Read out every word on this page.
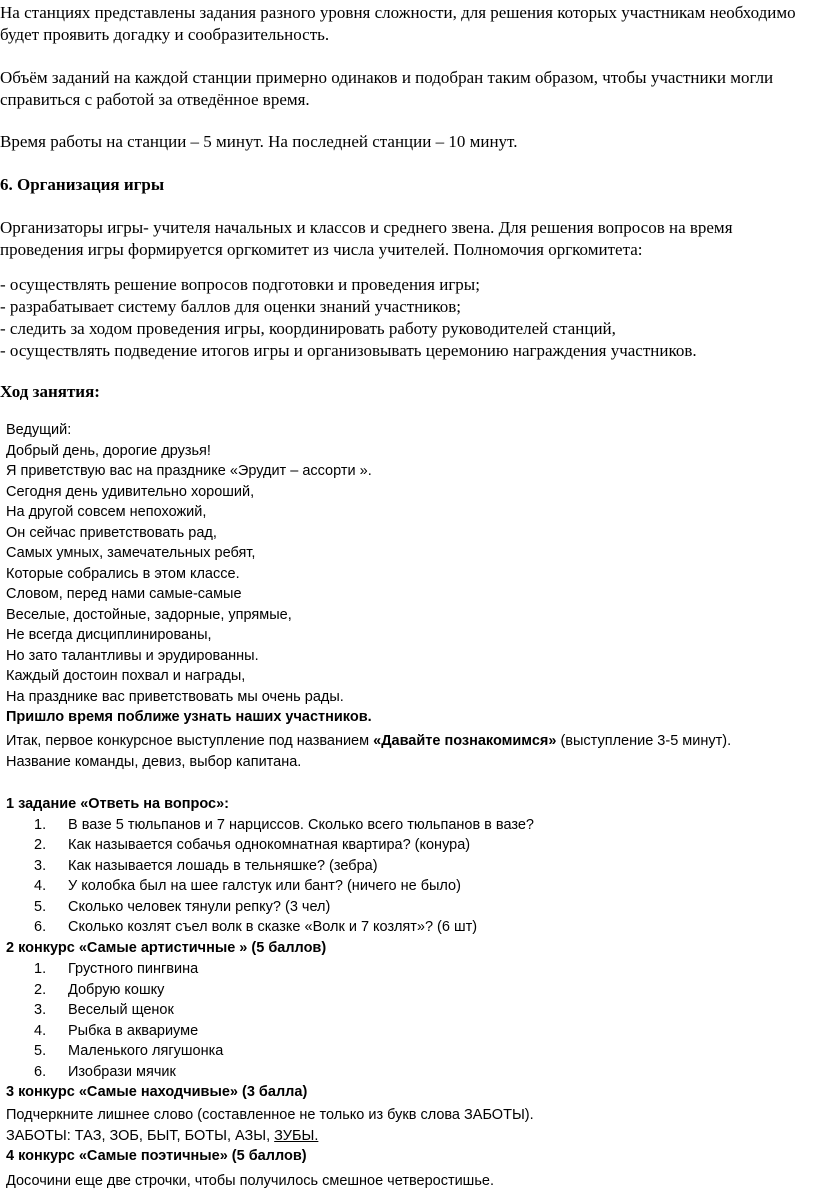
На станциях представлены задания разного уровня сложности, для решения которых участникам необходимо будет проявить догадку и сообразительность.
Объём заданий на каждой станции примерно одинаков и подобран таким образом, чтобы участники могли справиться с работой за отведённое время.
Время работы на станции – 5 минут. На последней станции – 10 минут.
6. Организация игры
Организаторы игры- учителя начальных и классов и среднего звена. Для решения вопросов на время проведения игры формируется оргкомитет из числа учителей. Полномочия оргкомитета:
- осуществлять решение вопросов подготовки и проведения игры;
- разрабатывает систему баллов для оценки знаний участников;
- следить за ходом проведения игры, координировать работу руководителей станций,
- осуществлять подведение итогов игры и организовывать церемонию награждения участников.
Ход занятия:
Ведущий:
Добрый день, дорогие друзья!
Я приветствую вас на празднике «Эрудит – ассорти ».
Сегодня день удивительно хороший,
На другой совсем непохожий,
Он сейчас приветствовать рад,
Самых умных, замечательных ребят,
Которые собрались в этом классе.
Словом, перед нами самые-самые
Веселые, достойные, задорные, упрямые,
Не всегда дисциплинированы,
Но зато талантливы и эрудированны.
Каждый достоин похвал и награды,
На празднике вас приветствовать мы очень рады.
Пришло время поближе узнать наших участников.
Итак, первое конкурсное выступление под названием «Давайте познакомимся» (выступление 3-5 минут).
Название команды, девиз, выбор капитана.
1 задание «Ответь на вопрос»:
1. В вазе 5 тюльпанов и 7 нарциссов. Сколько всего тюльпанов в вазе?
2. Как называется собачья однокомнатная квартира? (конура)
3. Как называется лошадь в тельняшке? (зебра)
4. У колобка был на шее галстук или бант? (ничего не было)
5. Сколько человек тянули репку? (3 чел)
6. Сколько козлят съел волк в сказке «Волк и 7 козлят»? (6 шт)
2 конкурс «Самые артистичные » (5 баллов)
1. Грустного пингвина
2. Добрую кошку
3. Веселый щенок
4. Рыбка в аквариуме
5. Маленького лягушонка
6. Изобрази мячик
3 конкурс «Самые находчивые» (3 балла)
Подчеркните лишнее слово (составленное не только из букв слова ЗАБОТЫ).
ЗАБОТЫ: ТАЗ, ЗОБ, БЫТ, БОТЫ, АЗЫ, ЗУБЫ.
4 конкурс «Самые поэтичные» (5 баллов)
Досочини еще две строчки, чтобы получилось смешное четверостишье.
